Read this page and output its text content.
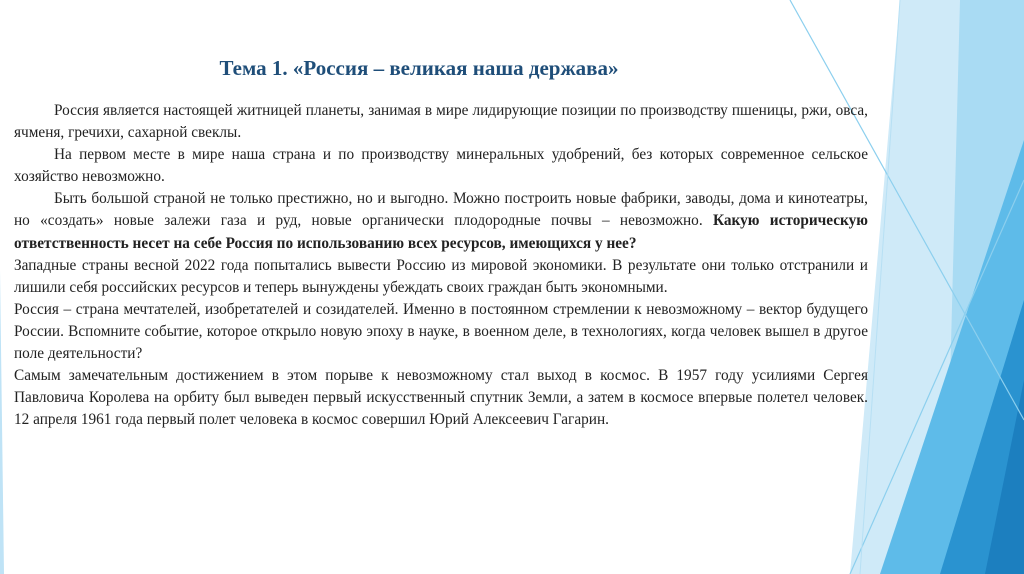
Тема 1. «Россия – великая наша держава»

Россия является настоящей житницей планеты, занимая в мире лидирующие позиции по производству пшеницы, ржи, овса, ячменя, гречихи, сахарной свеклы.

На первом месте в мире наша страна и по производству минеральных удобрений, без которых современное сельское хозяйство невозможно.

Быть большой страной не только престижно, но и выгодно. Можно построить новые фабрики, заводы, дома и кинотеатры, но «создать» новые залежи газа и руд, новые органически плодородные почвы – невозможно. Какую историческую ответственность несет на себе Россия по использованию всех ресурсов, имеющихся у нее?

Западные страны весной 2022 года попытались вывести Россию из мировой экономики. В результате они только отстранили и лишили себя российских ресурсов и теперь вынуждены убеждать своих граждан быть экономными.

Россия – страна мечтателей, изобретателей и созидателей. Именно в постоянном стремлении к невозможному – вектор будущего России. Вспомните событие, которое открыло новую эпоху в науке, в военном деле, в технологиях, когда человек вышел в другое поле деятельности?

Самым замечательным достижением в этом порыве к невозможному стал выход в космос. В 1957 году усилиями Сергея Павловича Королева на орбиту был выведен первый искусственный спутник Земли, а затем в космосе впервые полетел человек. 12 апреля 1961 года первый полет человека в космос совершил Юрий Алексеевич Гагарин.
